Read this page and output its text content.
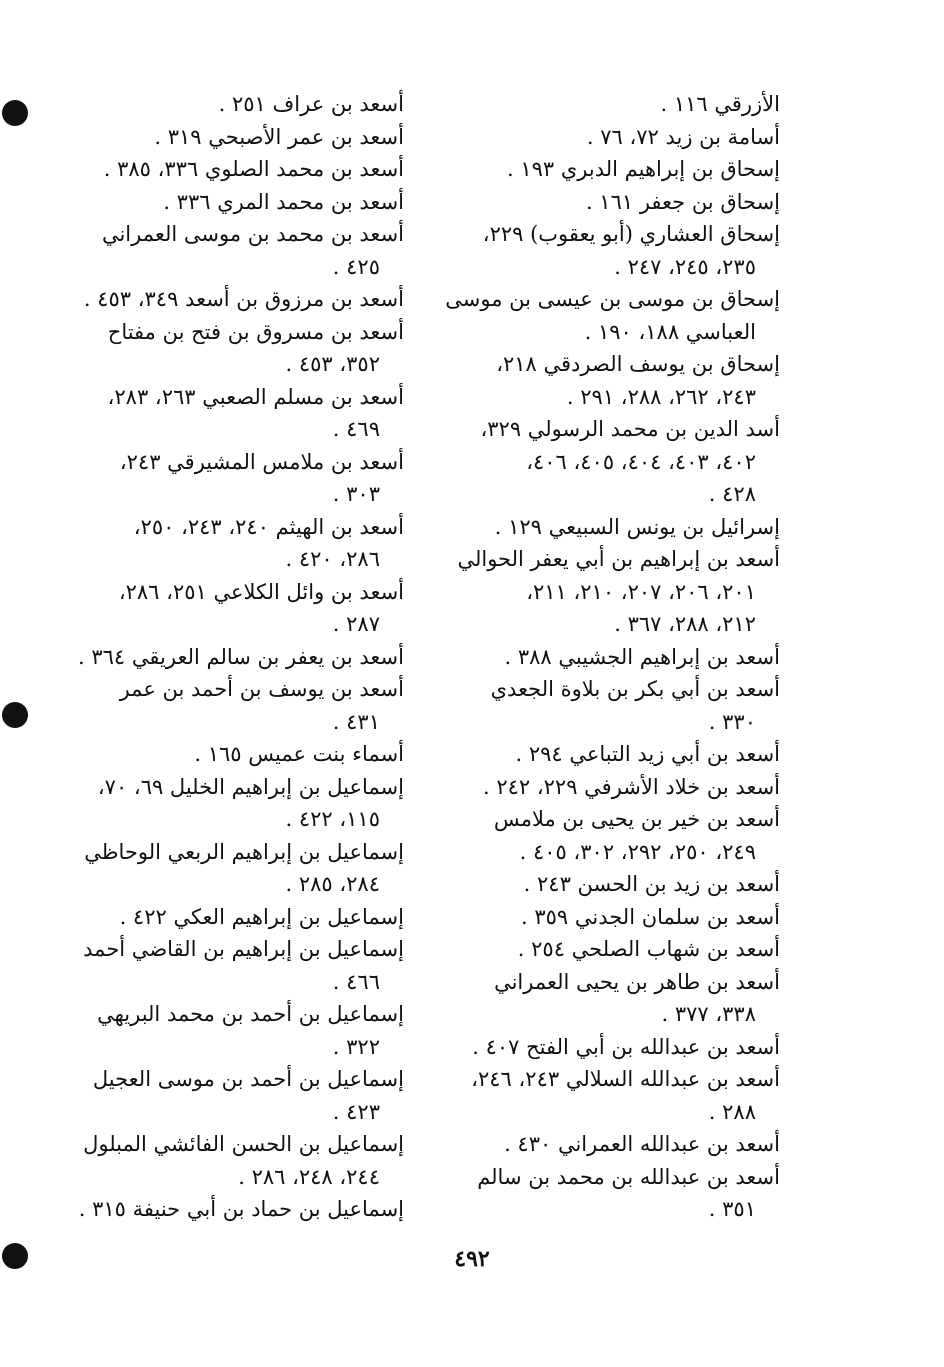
الأزرقي ١١٦ .
أسامة بن زيد ٧٢، ٧٦ .
إسحاق بن إبراهيم الدبري ١٩٣ .
إسحاق بن جعفر ١٦١ .
إسحاق العشاري (أبو يعقوب) ٢٢٩،
٢٣٥، ٢٤٥، ٢٤٧ .
إسحاق بن موسى بن عيسى بن موسى
العباسي ١٨٨، ١٩٠ .
إسحاق بن يوسف الصردقي ٢١٨،
٢٤٣، ٢٦٢، ٢٨٨، ٢٩١ .
أسد الدين بن محمد الرسولي ٣٢٩،
٤٠٢، ٤٠٣، ٤٠٤، ٤٠٥، ٤٠٦،
٤٢٨ .
إسرائيل بن يونس السبيعي ١٢٩ .
أسعد بن إبراهيم بن أبي يعفر الحوالي
٢٠١، ٢٠٦، ٢٠٧، ٢١٠، ٢١١،
٢١٢، ٢٨٨، ٣٦٧ .
أسعد بن إبراهيم الجشيبي ٣٨٨ .
أسعد بن أبي بكر بن بلاوة الجعدي
٣٣٠ .
أسعد بن أبي زيد التباعي ٢٩٤ .
أسعد بن خلاد الأشرفي ٢٢٩، ٢٤٢ .
أسعد بن خير بن يحيى بن ملامس
٢٤٩، ٢٥٠، ٢٩٢، ٣٠٢، ٤٠٥ .
أسعد بن زيد بن الحسن ٢٤٣ .
أسعد بن سلمان الجدني ٣٥٩ .
أسعد بن شهاب الصلحي ٢٥٤ .
أسعد بن طاهر بن يحيى العمراني
٣٣٨، ٣٧٧ .
أسعد بن عبدالله بن أبي الفتح ٤٠٧ .
أسعد بن عبدالله السلالي ٢٤٣، ٢٤٦،
٢٨٨ .
أسعد بن عبدالله العمراني ٤٣٠ .
أسعد بن عبدالله بن محمد بن سالم
٣٥١ .
أسعد بن عراف ٢٥١ .
أسعد بن عمر الأصبحي ٣١٩ .
أسعد بن محمد الصلوي ٣٣٦، ٣٨٥ .
أسعد بن محمد المري ٣٣٦ .
أسعد بن محمد بن موسى العمراني
٤٢٥ .
أسعد بن مرزوق بن أسعد ٣٤٩، ٤٥٣ .
أسعد بن مسروق بن فتح بن مفتاح
٣٥٢، ٤٥٣ .
أسعد بن مسلم الصعبي ٢٦٣، ٢٨٣،
٤٦٩ .
أسعد بن ملامس المشيرقي ٢٤٣،
٣٠٣ .
أسعد بن الهيثم ٢٤٠، ٢٤٣، ٢٥٠،
٢٨٦، ٤٢٠ .
أسعد بن وائل الكلاعي ٢٥١، ٢٨٦،
٢٨٧ .
أسعد بن يعفر بن سالم العريقي ٣٦٤ .
أسعد بن يوسف بن أحمد بن عمر
٤٣١ .
أسماء بنت عميس ١٦٥ .
إسماعيل بن إبراهيم الخليل ٦٩، ٧٠،
١١٥، ٤٢٢ .
إسماعيل بن إبراهيم الربعي الوحاظي
٢٨٤، ٢٨٥ .
إسماعيل بن إبراهيم العكي ٤٢٢ .
إسماعيل بن إبراهيم بن القاضي أحمد
٤٦٦ .
إسماعيل بن أحمد بن محمد البريهي
٣٢٢ .
إسماعيل بن أحمد بن موسى العجيل
٤٢٣ .
إسماعيل بن الحسن الفائشي المبلول
٢٤٤، ٢٤٨، ٢٨٦ .
إسماعيل بن حماد بن أبي حنيفة ٣١٥ .
٤٩٢
